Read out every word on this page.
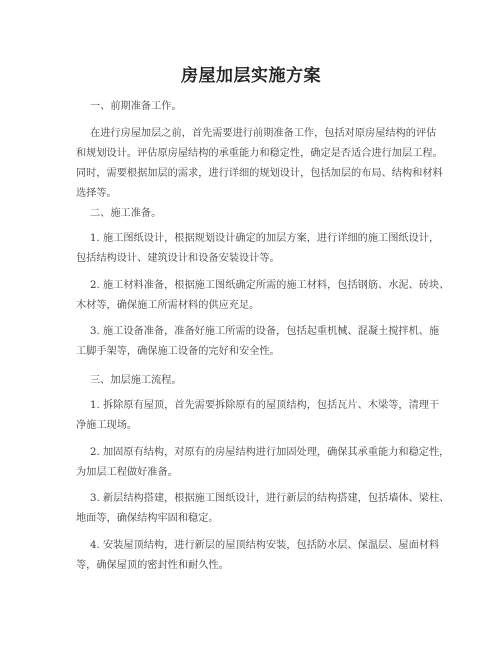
房屋加层实施方案
一、前期准备工作。
在进行房屋加层之前，首先需要进行前期准备工作，包括对原房屋结构的评估
和规划设计。评估原房屋结构的承重能力和稳定性，确定是否适合进行加层工程。
同时，需要根据加层的需求，进行详细的规划设计，包括加层的布局、结构和材料
选择等。
二、施工准备。
1. 施工图纸设计，根据规划设计确定的加层方案，进行详细的施工图纸设计，
包括结构设计、建筑设计和设备安装设计等。
2. 施工材料准备，根据施工图纸确定所需的施工材料，包括钢筋、水泥、砖块、
木材等，确保施工所需材料的供应充足。
3. 施工设备准备，准备好施工所需的设备，包括起重机械、混凝土搅拌机、施
工脚手架等，确保施工设备的完好和安全性。
三、加层施工流程。
1. 拆除原有屋顶，首先需要拆除原有的屋顶结构，包括瓦片、木梁等，清理干
净施工现场。
2. 加固原有结构，对原有的房屋结构进行加固处理，确保其承重能力和稳定性，
为加层工程做好准备。
3. 新层结构搭建，根据施工图纸设计，进行新层的结构搭建，包括墙体、梁柱、
地面等，确保结构牢固和稳定。
4. 安装屋顶结构，进行新层的屋顶结构安装，包括防水层、保温层、屋面材料
等，确保屋顶的密封性和耐久性。
